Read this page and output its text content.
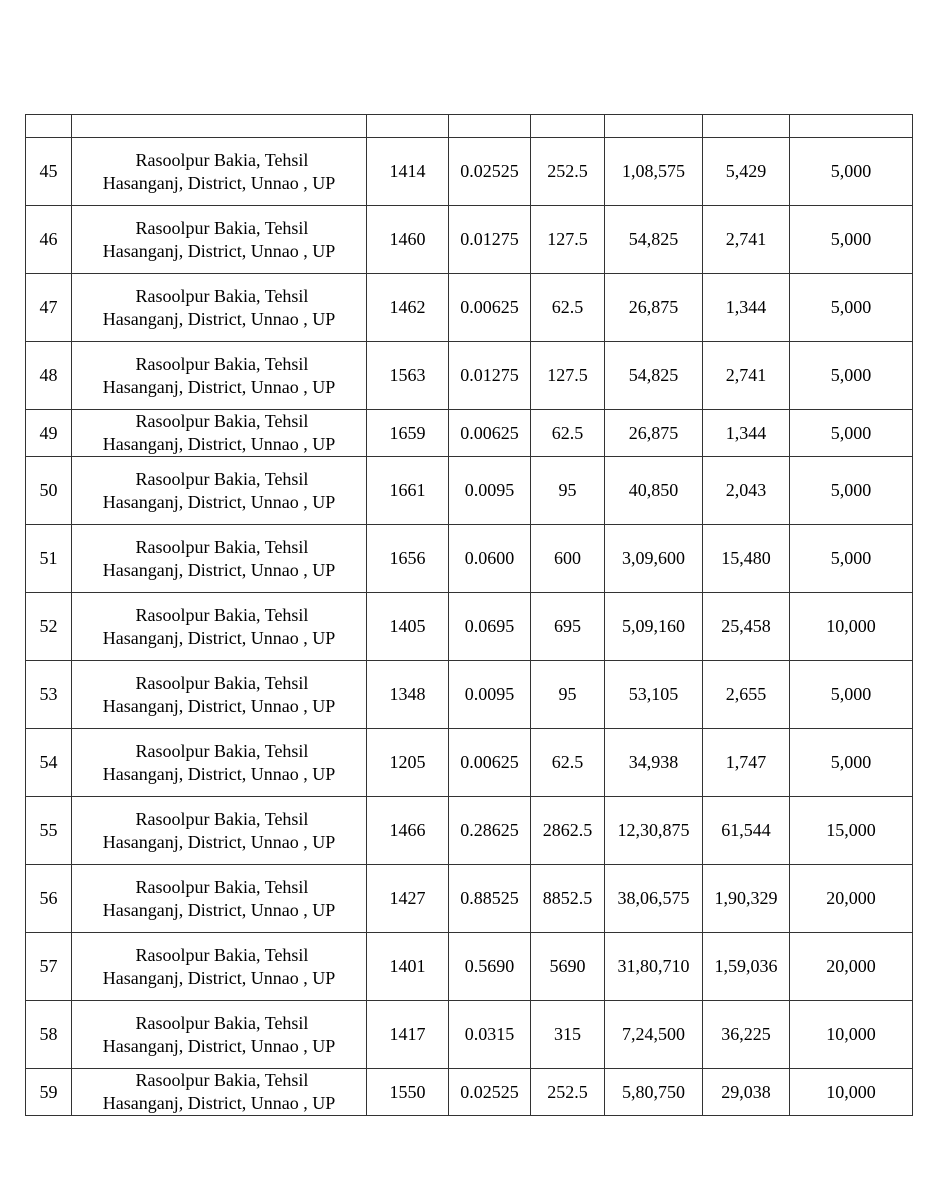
45	Rasoolpur Bakia, Tehsil
Hasanganj, District, Unnao , UP	1414	0.02525	252.5	1,08,575	5,429	5,000
46	Rasoolpur Bakia, Tehsil
Hasanganj, District, Unnao , UP	1460	0.01275	127.5	54,825	2,741	5,000
47	Rasoolpur Bakia, Tehsil
Hasanganj, District, Unnao , UP	1462	0.00625	62.5	26,875	1,344	5,000
48	Rasoolpur Bakia, Tehsil
Hasanganj, District, Unnao , UP	1563	0.01275	127.5	54,825	2,741	5,000
49	Rasoolpur Bakia, Tehsil
Hasanganj, District, Unnao , UP	1659	0.00625	62.5	26,875	1,344	5,000
50	Rasoolpur Bakia, Tehsil
Hasanganj, District, Unnao , UP	1661	0.0095	95	40,850	2,043	5,000
51	Rasoolpur Bakia, Tehsil
Hasanganj, District, Unnao , UP	1656	0.0600	600	3,09,600	15,480	5,000
52	Rasoolpur Bakia, Tehsil
Hasanganj, District, Unnao , UP	1405	0.0695	695	5,09,160	25,458	10,000
53	Rasoolpur Bakia, Tehsil
Hasanganj, District, Unnao , UP	1348	0.0095	95	53,105	2,655	5,000
54	Rasoolpur Bakia, Tehsil
Hasanganj, District, Unnao , UP	1205	0.00625	62.5	34,938	1,747	5,000
55	Rasoolpur Bakia, Tehsil
Hasanganj, District, Unnao , UP	1466	0.28625	2862.5	12,30,875	61,544	15,000
56	Rasoolpur Bakia, Tehsil
Hasanganj, District, Unnao , UP	1427	0.88525	8852.5	38,06,575	1,90,329	20,000
57	Rasoolpur Bakia, Tehsil
Hasanganj, District, Unnao , UP	1401	0.5690	5690	31,80,710	1,59,036	20,000
58	Rasoolpur Bakia, Tehsil
Hasanganj, District, Unnao , UP	1417	0.0315	315	7,24,500	36,225	10,000
59	Rasoolpur Bakia, Tehsil
Hasanganj, District, Unnao , UP	1550	0.02525	252.5	5,80,750	29,038	10,000
